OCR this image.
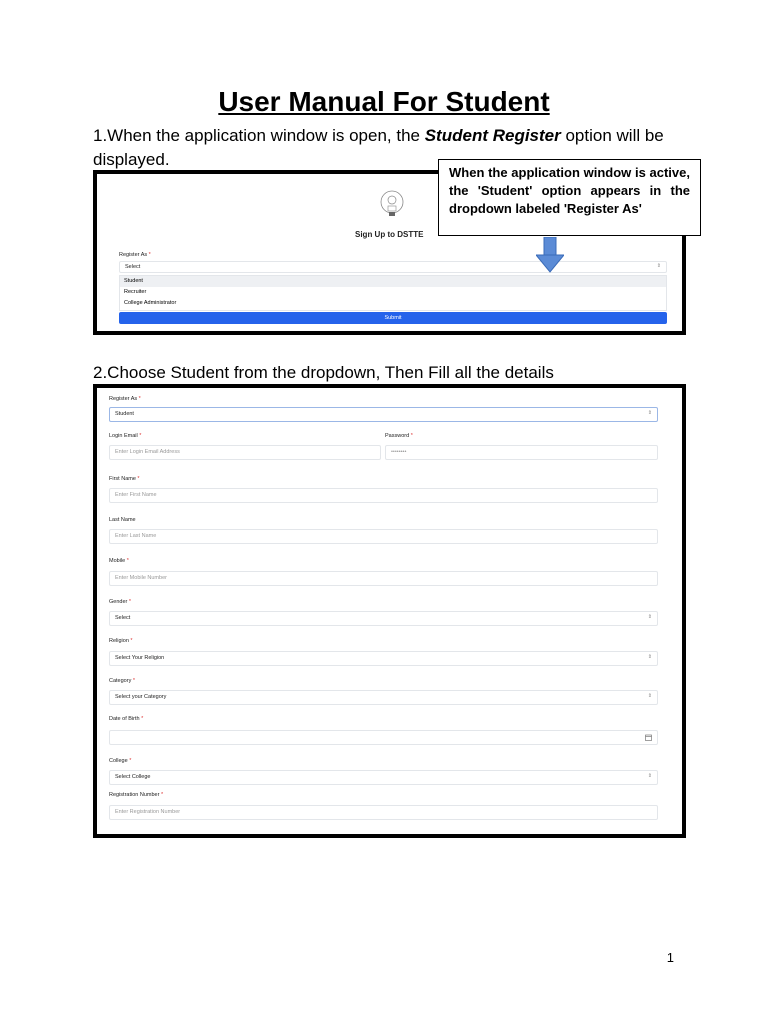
User Manual For Student
1.When the application window is open, the Student Register option will be displayed.
Sign Up to DSTTE
Register As *
Select	⇕
Student
Recruiter
College Administrator
Submit
When the application window is active, the 'Student' option appears in the dropdown labeled 'Register As'
2.Choose Student from the dropdown, Then Fill all the details
Register As *
Student	⇕
Login Email *
Enter Login Email Address
Password *
••••••••
First Name *
Enter First Name
Last Name
Enter Last Name
Mobile *
Enter Mobile Number
Gender *
Select	⇕
Religion *
Select Your Religion	⇕
Category *
Select your Category	⇕
Date of Birth *
College *
Select College	⇕
Registration Number *
Enter Registration Number
1
